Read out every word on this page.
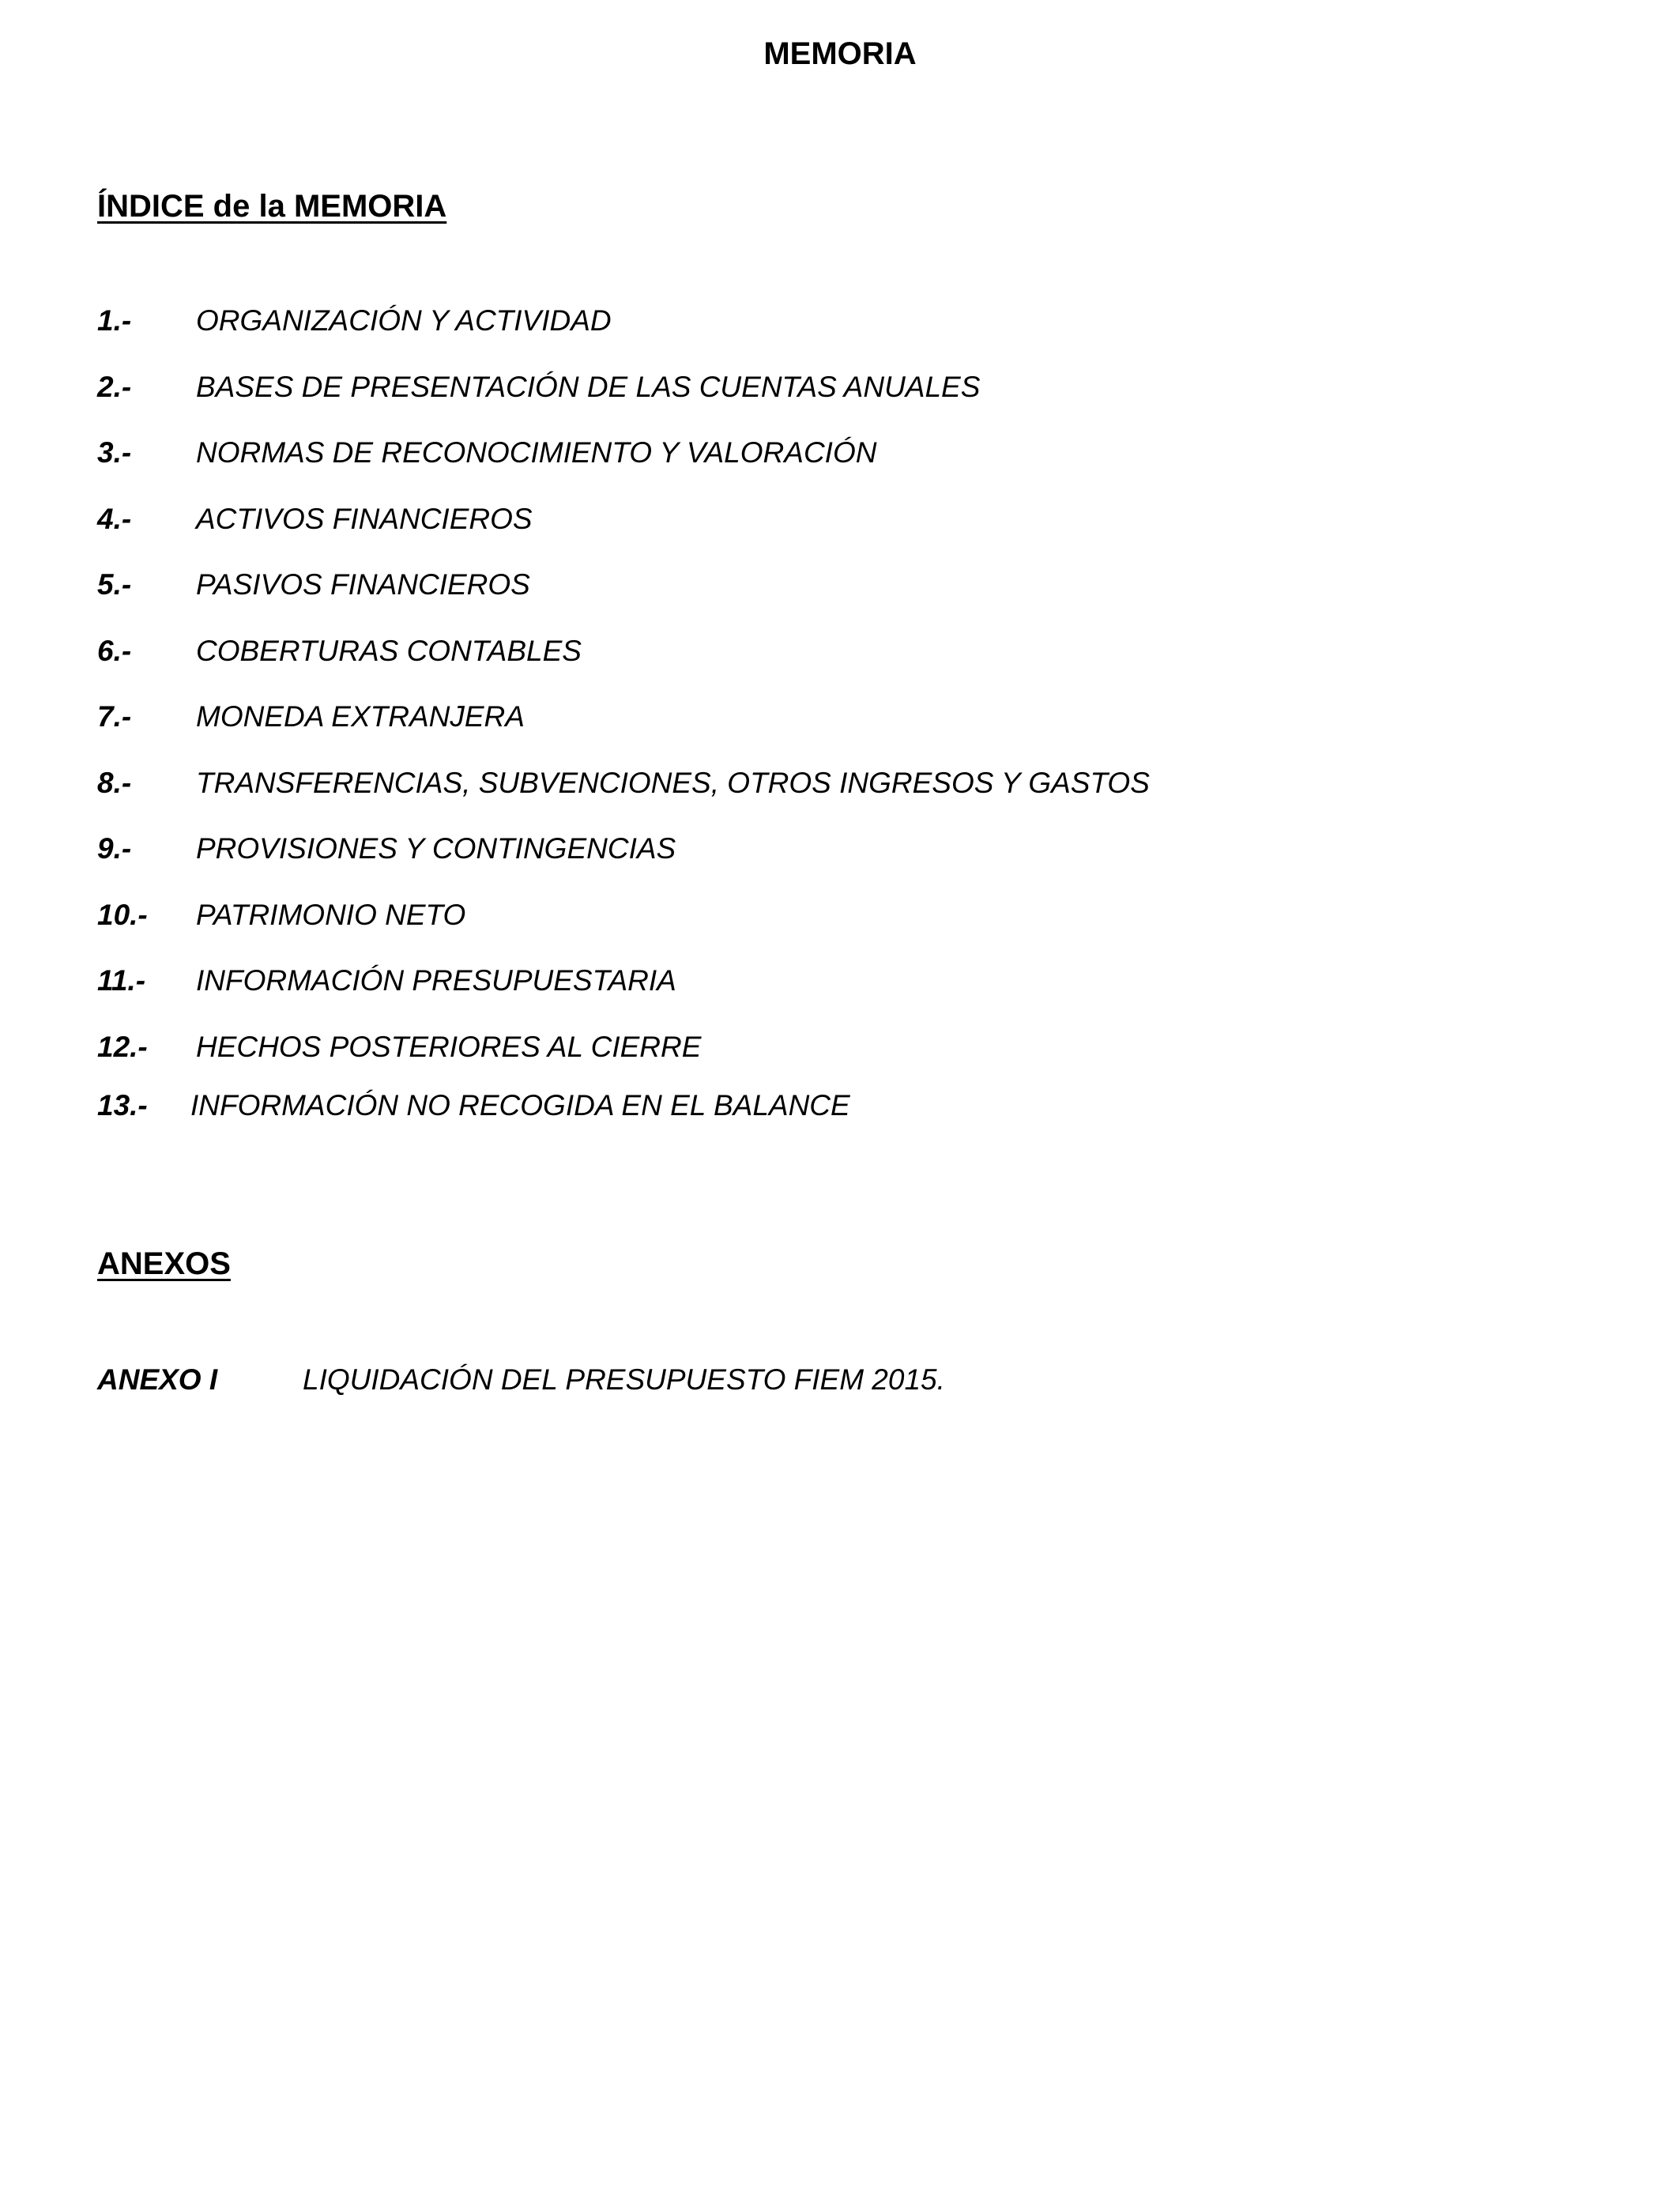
MEMORIA
ÍNDICE de la MEMORIA
1.-	ORGANIZACIÓN Y ACTIVIDAD
2.-	BASES DE PRESENTACIÓN DE LAS CUENTAS ANUALES
3.-	NORMAS DE RECONOCIMIENTO Y VALORACIÓN
4.-	ACTIVOS FINANCIEROS
5.-	PASIVOS FINANCIEROS
6.-	COBERTURAS CONTABLES
7.-	MONEDA EXTRANJERA
8.-	TRANSFERENCIAS, SUBVENCIONES, OTROS INGRESOS Y GASTOS
9.-	PROVISIONES Y CONTINGENCIAS
10.-	PATRIMONIO NETO
11.-	INFORMACIÓN PRESUPUESTARIA
12.-	HECHOS POSTERIORES AL CIERRE
13.-	INFORMACIÓN NO RECOGIDA EN EL BALANCE
ANEXOS
ANEXO I	LIQUIDACIÓN DEL PRESUPUESTO FIEM 2015.
